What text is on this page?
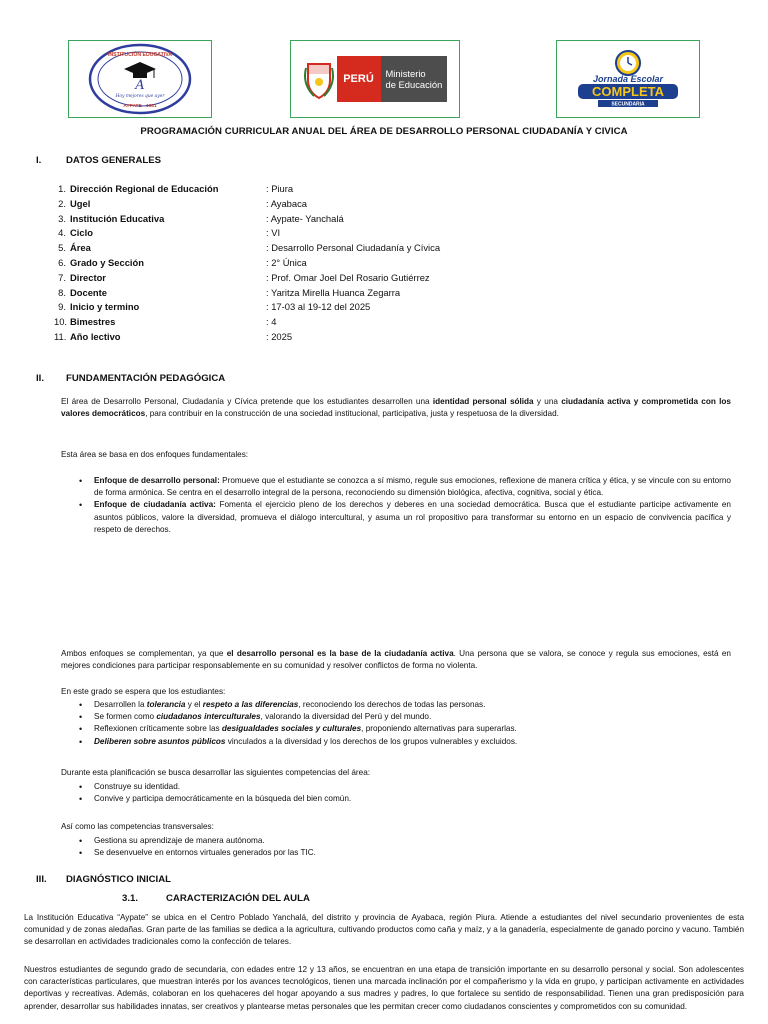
INSTITUCIÓN EDUCATIVA
A
Hoy mejores que ayer
AYPATE - 1981
PERÚ Ministerio
de Educación	Jornada Escolar
COMPLETA
SECUNDARIA
PROGRAMACIÓN CURRICULAR ANUAL DEL ÁREA DE DESARROLLO PERSONAL CIUDADANÍA Y CIVICA
I.	DATOS GENERALES
1. Dirección Regional de Educación	: Piura
2. Ugel	: Ayabaca
3. Institución Educativa	: Aypate- Yanchalá
4. Ciclo	: VI
5. Área	: Desarrollo Personal Ciudadanía y Cívica
6. Grado y Sección	: 2° Única
7. Director	: Prof. Omar Joel Del Rosario Gutiérrez
8. Docente	: Yaritza Mirella Huanca Zegarra
9. Inicio y termino	: 17-03 al 19-12 del 2025
10. Bimestres	: 4
11. Año lectivo	: 2025
II. FUNDAMENTACIÓN PEDAGÓGICA

El área de Desarrollo Personal, Ciudadanía y Cívica pretende que los estudiantes desarrollen una identidad personal sólida y una ciudadanía activa y comprometida con los valores democráticos, para contribuir en la construcción de una sociedad institucional, participativa, justa y respetuosa de la diversidad.

Esta área se basa en dos enfoques fundamentales:

• Enfoque de desarrollo personal: Promueve que el estudiante se conozca a sí mismo, regule sus emociones, reflexione de manera crítica y ética, y se vincule con su entorno de forma armónica. Se centra en el desarrollo integral de la persona, reconociendo su dimensión biológica, afectiva, cognitiva, social y ética.
• Enfoque de ciudadanía activa: Fomenta el ejercicio pleno de los derechos y deberes en una sociedad democrática. Busca que el estudiante participe activamente en asuntos públicos, valore la diversidad, promueva el diálogo intercultural, y asuma un rol propositivo para transformar su entorno en un espacio de convivencia pacífica y respeto de derechos.

Ambos enfoques se complementan, ya que el desarrollo personal es la base de la ciudadanía activa. Una persona que se valora, se conoce y regula sus emociones, está en mejores condiciones para participar responsablemente en su comunidad y resolver conflictos de forma no violenta.

En este grado se espera que los estudiantes:

• Desarrollen la tolerancia y el respeto a las diferencias, reconociendo los derechos de todas las personas.
• Se formen como ciudadanos interculturales, valorando la diversidad del Perú y del mundo.
• Reflexionen críticamente sobre las desigualdades sociales y culturales, proponiendo alternativas para superarlas.
• Deliberen sobre asuntos públicos vinculados a la diversidad y los derechos de los grupos vulnerables y excluidos.

Durante esta planificación se busca desarrollar las siguientes competencias del área:

• Construye su identidad.
• Convive y participa democráticamente en la búsqueda del bien común.

Así como las competencias transversales:

• Gestiona su aprendizaje de manera autónoma.
• Se desenvuelve en entornos virtuales generados por las TIC.
III. DIAGNÓSTICO INICIAL
3.1.	CARACTERIZACIÓN DEL AULA

La Institución Educativa “Aypate” se ubica en el Centro Poblado Yanchalá, del distrito y provincia de Ayabaca, región Piura. Atiende a estudiantes del nivel secundario provenientes de esta comunidad y de zonas aledañas. Gran parte de las familias se dedica a la agricultura, cultivando productos como caña y maíz, y a la ganadería, especialmente de ganado porcino y vacuno. También se desarrollan en actividades tradicionales como la confección de telares.

Nuestros estudiantes de segundo grado de secundaria, con edades entre 12 y 13 años, se encuentran en una etapa de transición importante en su desarrollo personal y social. Son adolescentes con características particulares, que muestran interés por los avances tecnológicos, tienen una marcada inclinación por el compañerismo y la vida en grupo, y participan activamente en actividades deportivas y recreativas. Además, colaboran en los quehaceres del hogar apoyando a sus madres y padres, lo que fortalece su sentido de responsabilidad. Tienen una gran predisposición para aprender, desarrollar sus habilidades innatas, ser creativos y plantearse metas personales que les permitan crecer como ciudadanos conscientes y comprometidos con su comunidad.
